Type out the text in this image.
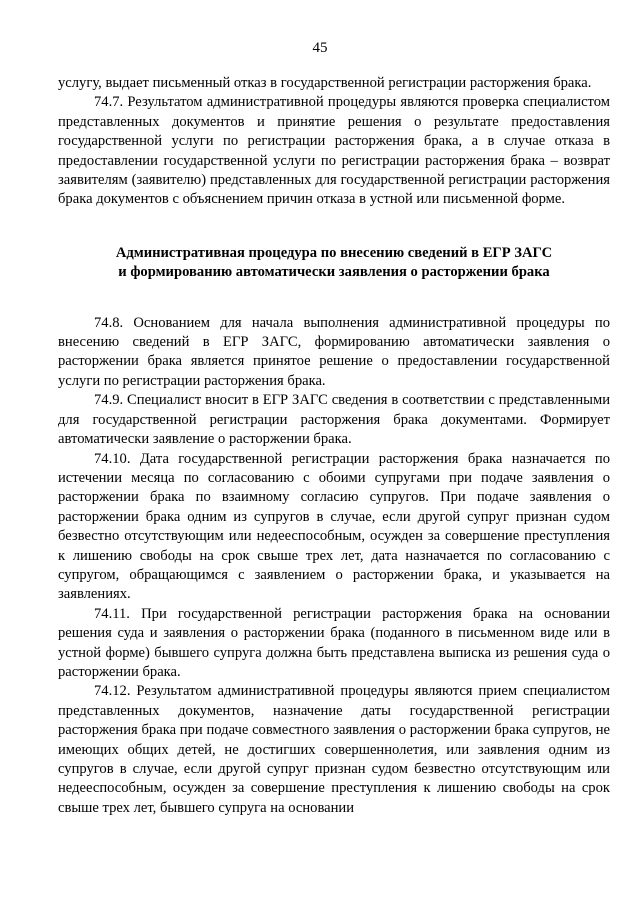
45

услугу, выдает письменный отказ в государственной регистрации расторжения брака.

74.7. Результатом административной процедуры являются проверка специалистом представленных документов и принятие решения о результате предоставления государственной услуги по регистрации расторжения брака, а в случае отказа в предоставлении государственной услуги по регистрации расторжения брака – возврат заявителям (заявителю) представленных для государственной регистрации расторжения брака документов с объяснением причин отказа в устной или письменной форме.

Административная процедура по внесению сведений в ЕГР ЗАГС
и формированию автоматически заявления о расторжении брака

74.8. Основанием для начала выполнения административной процедуры по внесению сведений в ЕГР ЗАГС, формированию автоматически заявления о расторжении брака является принятое решение о предоставлении государственной услуги по регистрации расторжения брака.

74.9. Специалист вносит в ЕГР ЗАГС сведения в соответствии с представленными для государственной регистрации расторжения брака документами. Формирует автоматически заявление о расторжении брака.

74.10. Дата государственной регистрации расторжения брака назначается по истечении месяца по согласованию с обоими супругами при подаче заявления о расторжении брака по взаимному согласию супругов. При подаче заявления о расторжении брака одним из супругов в случае, если другой супруг признан судом безвестно отсутствующим или недееспособным, осужден за совершение преступления к лишению свободы на срок свыше трех лет, дата назначается по согласованию с супругом, обращающимся с заявлением о расторжении брака, и указывается на заявлениях.

74.11. При государственной регистрации расторжения брака на основании решения суда и заявления о расторжении брака (поданного в письменном виде или в устной форме) бывшего супруга должна быть представлена выписка из решения суда о расторжении брака.

74.12. Результатом административной процедуры являются прием специалистом представленных документов, назначение даты государственной регистрации расторжения брака при подаче совместного заявления о расторжении брака супругов, не имеющих общих детей, не достигших совершеннолетия, или заявления одним из супругов в случае, если другой супруг признан судом безвестно отсутствующим или недееспособным, осужден за совершение преступления к лишению свободы на срок свыше трех лет, бывшего супруга на основании
